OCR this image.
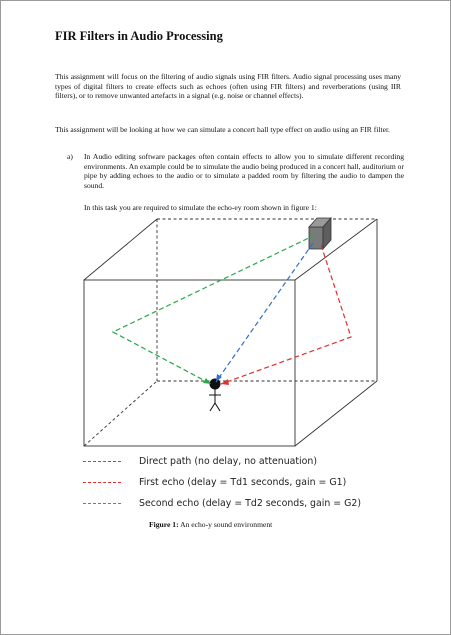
FIR Filters in Audio Processing
This assignment will focus on the filtering of audio signals using FIR filters. Audio signal processing uses many types of digital filters to create effects such as echoes (often using FIR filters) and reverberations (using IIR filters), or to remove unwanted artefacts in a signal (e.g. noise or channel effects).
This assignment will be looking at how we can simulate a concert hall type effect on audio using an FIR filter.
a) In Audio editing software packages often contain effects to allow you to simulate different recording environments. An example could be to simulate the audio being produced in a concert hall, auditorium or pipe by adding echoes to the audio or to simulate a padded room by filtering the audio to dampen the sound.
In this task you are required to simulate the echo-ey room shown in figure 1:
Direct path (no delay, no attenuation)
First echo (delay = Td1 seconds, gain = G1)
Second echo (delay = Td2 seconds, gain = G2)
Figure 1: An echo-y sound environment
